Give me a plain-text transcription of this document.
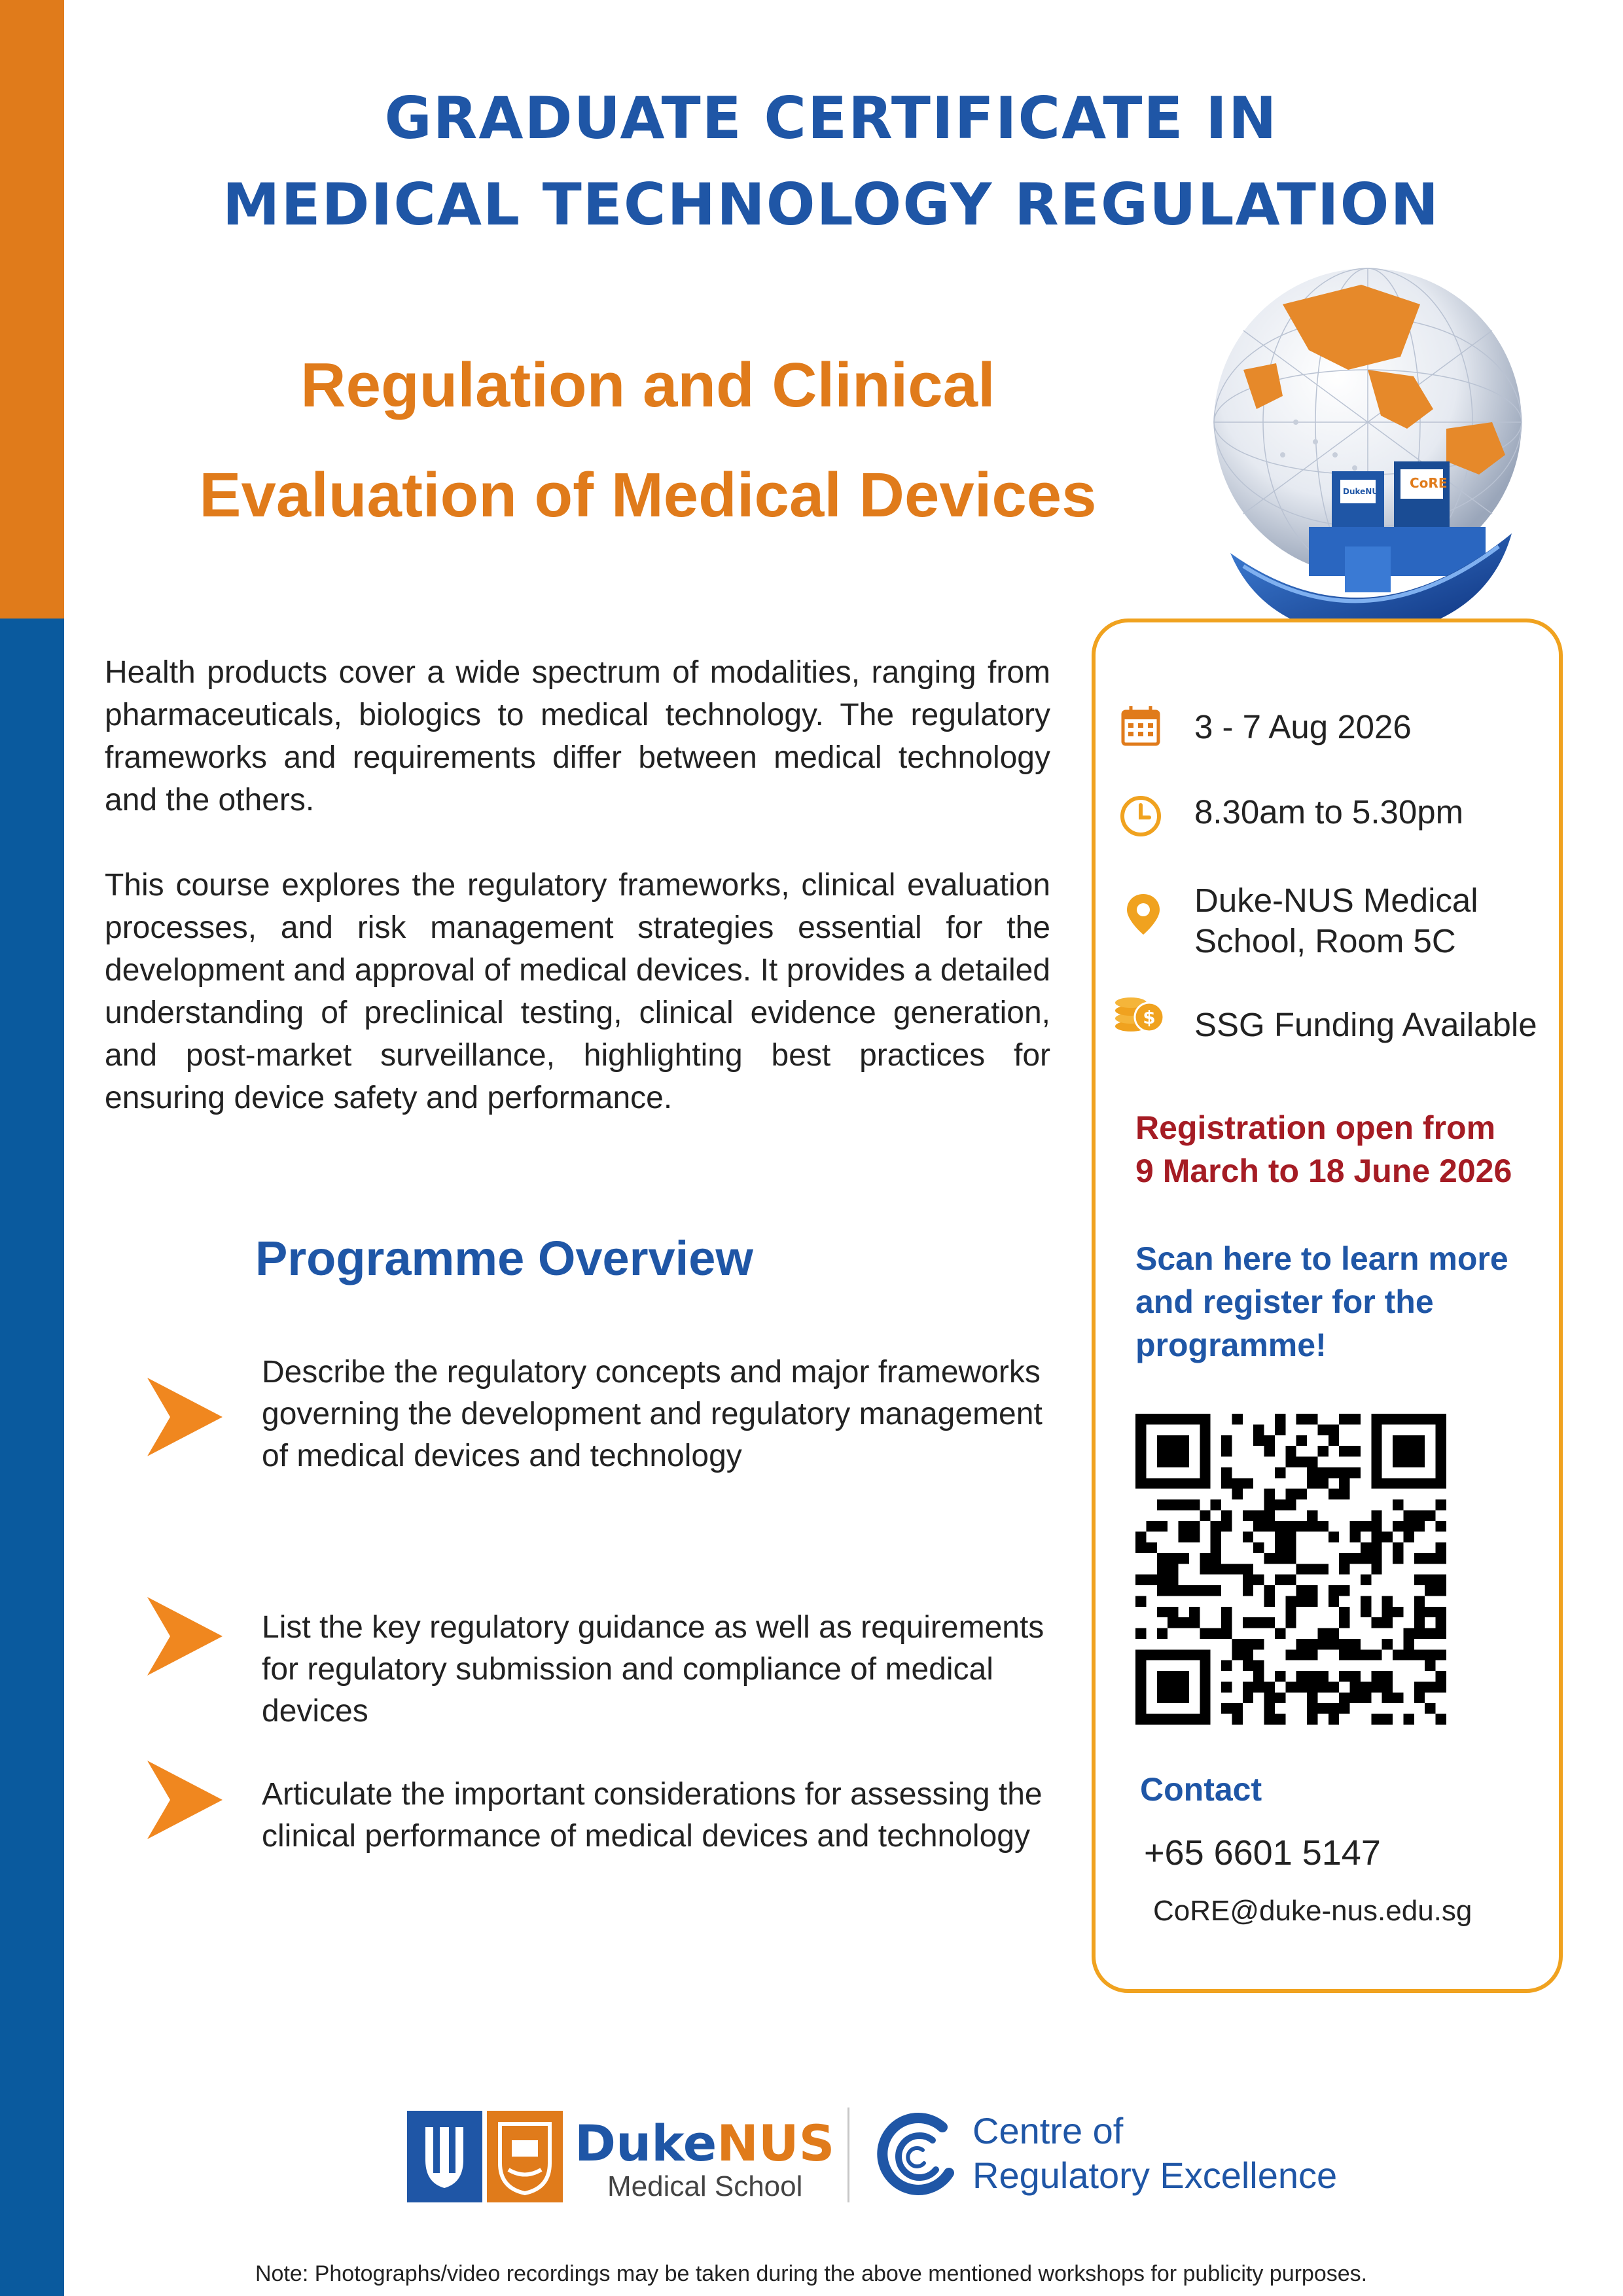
GRADUATE CERTIFICATE IN
MEDICAL TECHNOLOGY REGULATION
Regulation and Clinical
Evaluation of Medical Devices	CoRE
DukeNUS
Health products cover a wide spectrum of modalities, ranging from pharmaceuticals, biologics to medical technology. The regulatory frameworks and requirements differ between medical technology and the others.
This course explores the regulatory frameworks, clinical evaluation processes, and risk management strategies essential for the development and approval of medical devices. It provides a detailed understanding of preclinical testing, clinical evidence generation, and post-market surveillance, highlighting best practices for ensuring device safety and performance.
Programme Overview
Describe the regulatory concepts and major frameworks governing the development and regulatory management of medical devices and technology
List the key regulatory guidance as well as requirements for regulatory submission and compliance of medical devices
Articulate the important considerations for assessing the clinical performance of medical devices and technology
3 - 7 Aug 2026
8.30am to 5.30pm
Duke-NUS Medical
School, Room 5C
$ SSG Funding Available
Registration open from
9 March to 18 June 2026
Scan here to learn more
and register for the
programme!
Contact
+65 6601 5147
CoRE@duke-nus.edu.sg
DukeNUS
Medical School
Centre of
Regulatory Excellence
Note: Photographs/video recordings may be taken during the above mentioned workshops for publicity purposes.
